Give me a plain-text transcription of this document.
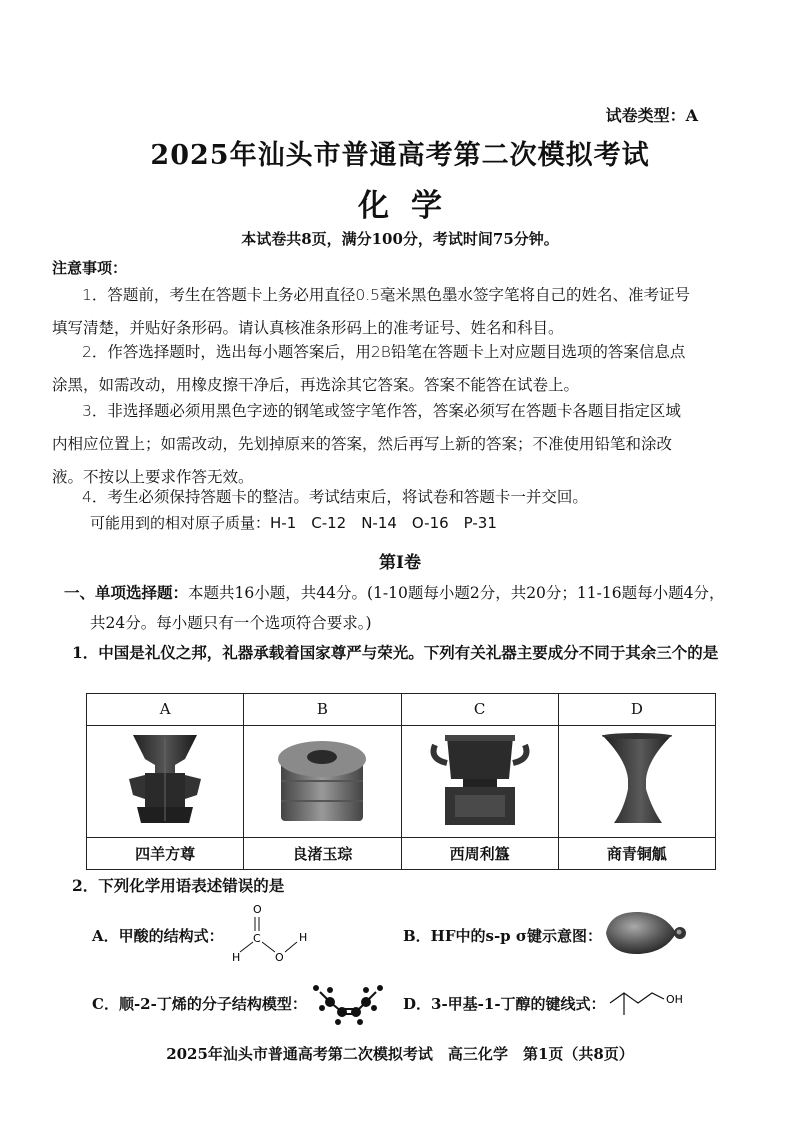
试卷类型：A
2025年汕头市普通高考第二次模拟考试
化学
本试卷共8页，满分100分，考试时间75分钟。
注意事项：
1．答题前，考生在答题卡上务必用直径0.5毫米黑色墨水签字笔将自己的姓名、准考证号填写清楚，并贴好条形码。请认真核准条形码上的准考证号、姓名和科目。
2．作答选择题时，选出每小题答案后，用2B铅笔在答题卡上对应题目选项的答案信息点涂黑，如需改动，用橡皮擦干净后，再选涂其它答案。答案不能答在试卷上。
3．非选择题必须用黑色字迹的钢笔或签字笔作答，答案必须写在答题卡各题目指定区域内相应位置上；如需改动，先划掉原来的答案，然后再写上新的答案；不准使用铅笔和涂改液。不按以上要求作答无效。
4．考生必须保持答题卡的整洁。考试结束后，将试卷和答题卡一并交回。
可能用到的相对原子质量：H-1　C-12　N-14　O-16　P-31
第Ⅰ卷
一、单项选择题：本题共16小题，共44分。(1-10题每小题2分，共20分；11-16题每小题4分，共24分。每小题只有一个选项符合要求。)
1．中国是礼仪之邦，礼器承载着国家尊严与荣光。下列有关礼器主要成分不同于其余三个的是
A	B	C	D

四羊方尊	良渚玉琮	西周利簋	商青铜觚
2．下列化学用语表述错误的是
A．甲酸的结构式：
O
C
H	O
H	B．HF中的s-p σ键示意图：
C．顺-2-丁烯的分子结构模型：	D．3-甲基-1-丁醇的键线式：	OH
2025年汕头市普通高考第二次模拟考试　高三化学　第1页（共8页）
